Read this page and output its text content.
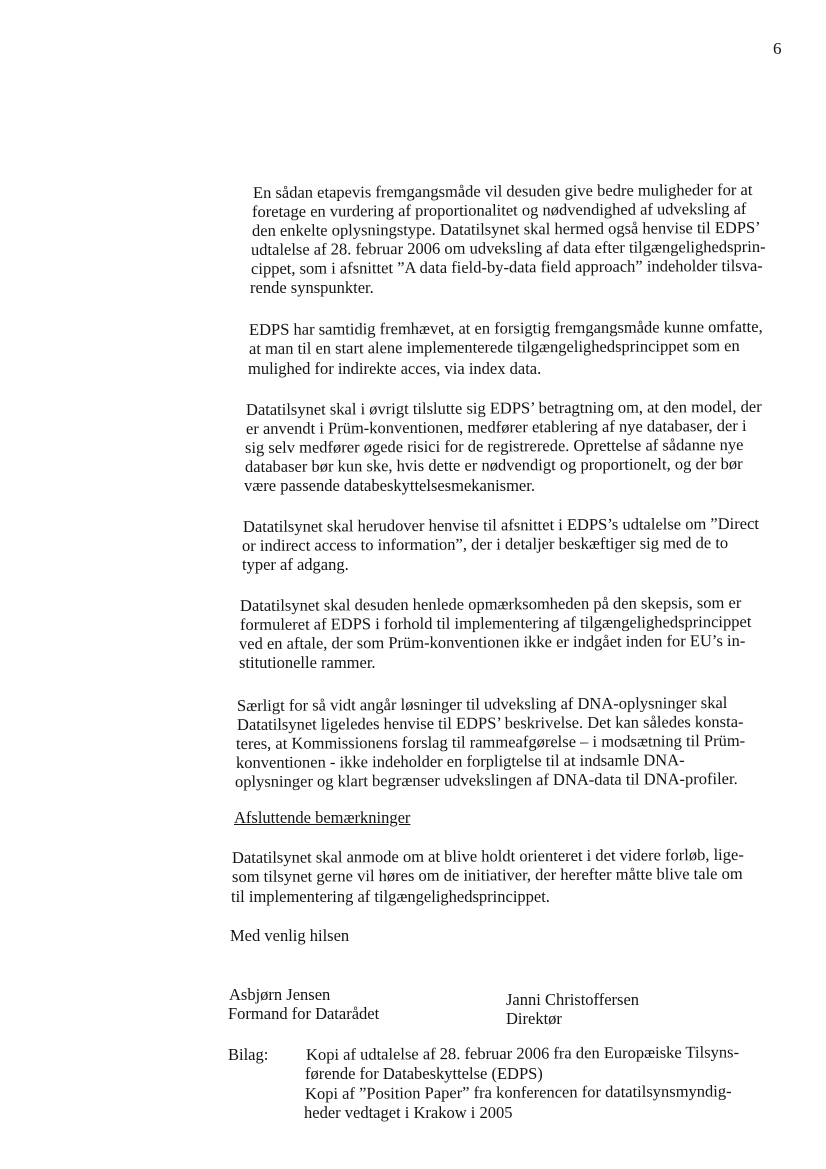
6
En sådan etapevis fremgangsmåde vil desuden give bedre muligheder for at
foretage en vurdering af proportionalitet og nødvendighed af udveksling af
den enkelte oplysningstype. Datatilsynet skal hermed også henvise til EDPS’
udtalelse af 28. februar 2006 om udveksling af data efter tilgængelighedsprin-
cippet, som i afsnittet ”A data field-by-data field approach” indeholder tilsva-
rende synspunkter.
EDPS har samtidig fremhævet, at en forsigtig fremgangsmåde kunne omfatte,
at man til en start alene implementerede tilgængelighedsprincippet som en
mulighed for indirekte acces, via index data.
Datatilsynet skal i øvrigt tilslutte sig EDPS’ betragtning om, at den model, der
er anvendt i Prüm-konventionen, medfører etablering af nye databaser, der i
sig selv medfører øgede risici for de registrerede. Oprettelse af sådanne nye
databaser bør kun ske, hvis dette er nødvendigt og proportionelt, og der bør
være passende databeskyttelsesmekanismer.
Datatilsynet skal herudover henvise til afsnittet i EDPS’s udtalelse om ”Direct
or indirect access to information”, der i detaljer beskæftiger sig med de to
typer af adgang.
Datatilsynet skal desuden henlede opmærksomheden på den skepsis, som er
formuleret af EDPS i forhold til implementering af tilgængelighedsprincippet
ved en aftale, der som Prüm-konventionen ikke er indgået inden for EU’s in-
stitutionelle rammer.
Særligt for så vidt angår løsninger til udveksling af DNA-oplysninger skal
Datatilsynet ligeledes henvise til EDPS’ beskrivelse. Det kan således konsta-
teres, at Kommissionens forslag til rammeafgørelse – i modsætning til Prüm-
konventionen - ikke indeholder en forpligtelse til at indsamle DNA-
oplysninger og klart begrænser udvekslingen af DNA-data til DNA-profiler.
Afsluttende bemærkninger
Datatilsynet skal anmode om at blive holdt orienteret i det videre forløb, lige-
som tilsynet gerne vil høres om de initiativer, der herefter måtte blive tale om
til implementering af tilgængelighedsprincippet.
Med venlig hilsen
Asbjørn Jensen
Formand for Datarådet
Janni Christoffersen
Direktør
Bilag: Kopi af udtalelse af 28. februar 2006 fra den Europæiske Tilsyns-
førende for Databeskyttelse (EDPS)
Kopi af ”Position Paper” fra konferencen for datatilsynsmyndig-
heder vedtaget i Krakow i 2005
